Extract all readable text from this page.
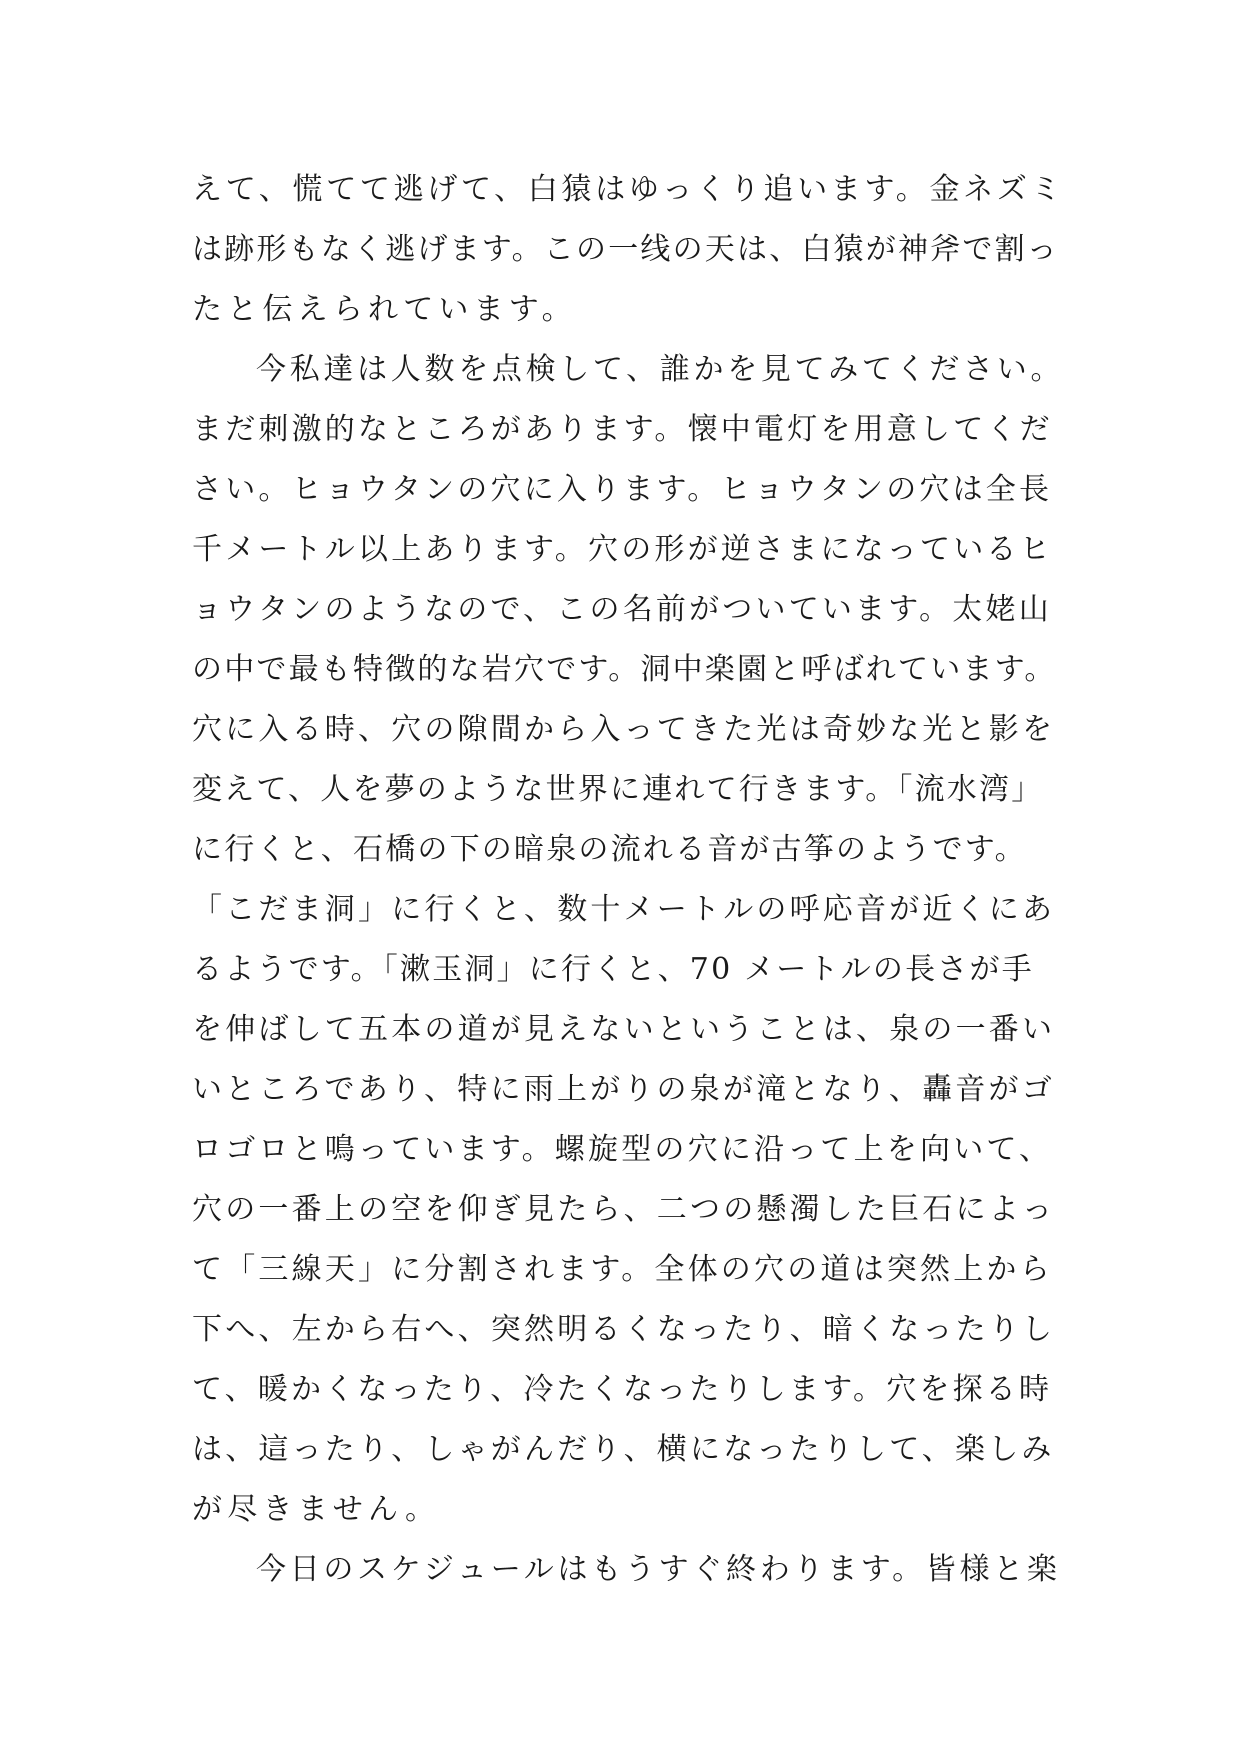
えて、慌てて逃げて、白猿はゆっくり追います。金ネズミ
は跡形もなく逃げます。この一线の天は、白猿が神斧で割っ
たと伝えられています。
今私達は人数を点検して、誰かを見てみてください。
まだ刺激的なところがあります。懐中電灯を用意してくだ
さい。ヒョウタンの穴に入ります。ヒョウタンの穴は全長
千メートル以上あります。穴の形が逆さまになっているヒ
ョウタンのようなので、この名前がついています。太姥山
の中で最も特徴的な岩穴です。洞中楽園と呼ばれています。
穴に入る時、穴の隙間から入ってきた光は奇妙な光と影を
変えて、人を夢のような世界に連れて行きます。「流水湾」
に行くと、石橋の下の暗泉の流れる音が古筝のようです。
「こだま洞」に行くと、数十メートルの呼応音が近くにあ
るようです。「漱玉洞」に行くと、70 メートルの長さが手
を伸ばして五本の道が見えないということは、泉の一番い
いところであり、特に雨上がりの泉が滝となり、轟音がゴ
ロゴロと鳴っています。螺旋型の穴に沿って上を向いて、
穴の一番上の空を仰ぎ見たら、二つの懸濁した巨石によっ
て「三線天」に分割されます。全体の穴の道は突然上から
下へ、左から右へ、突然明るくなったり、暗くなったりし
て、暖かくなったり、冷たくなったりします。穴を探る時
は、這ったり、しゃがんだり、横になったりして、楽しみ
が尽きません。
今日のスケジュールはもうすぐ終わります。皆様と楽
